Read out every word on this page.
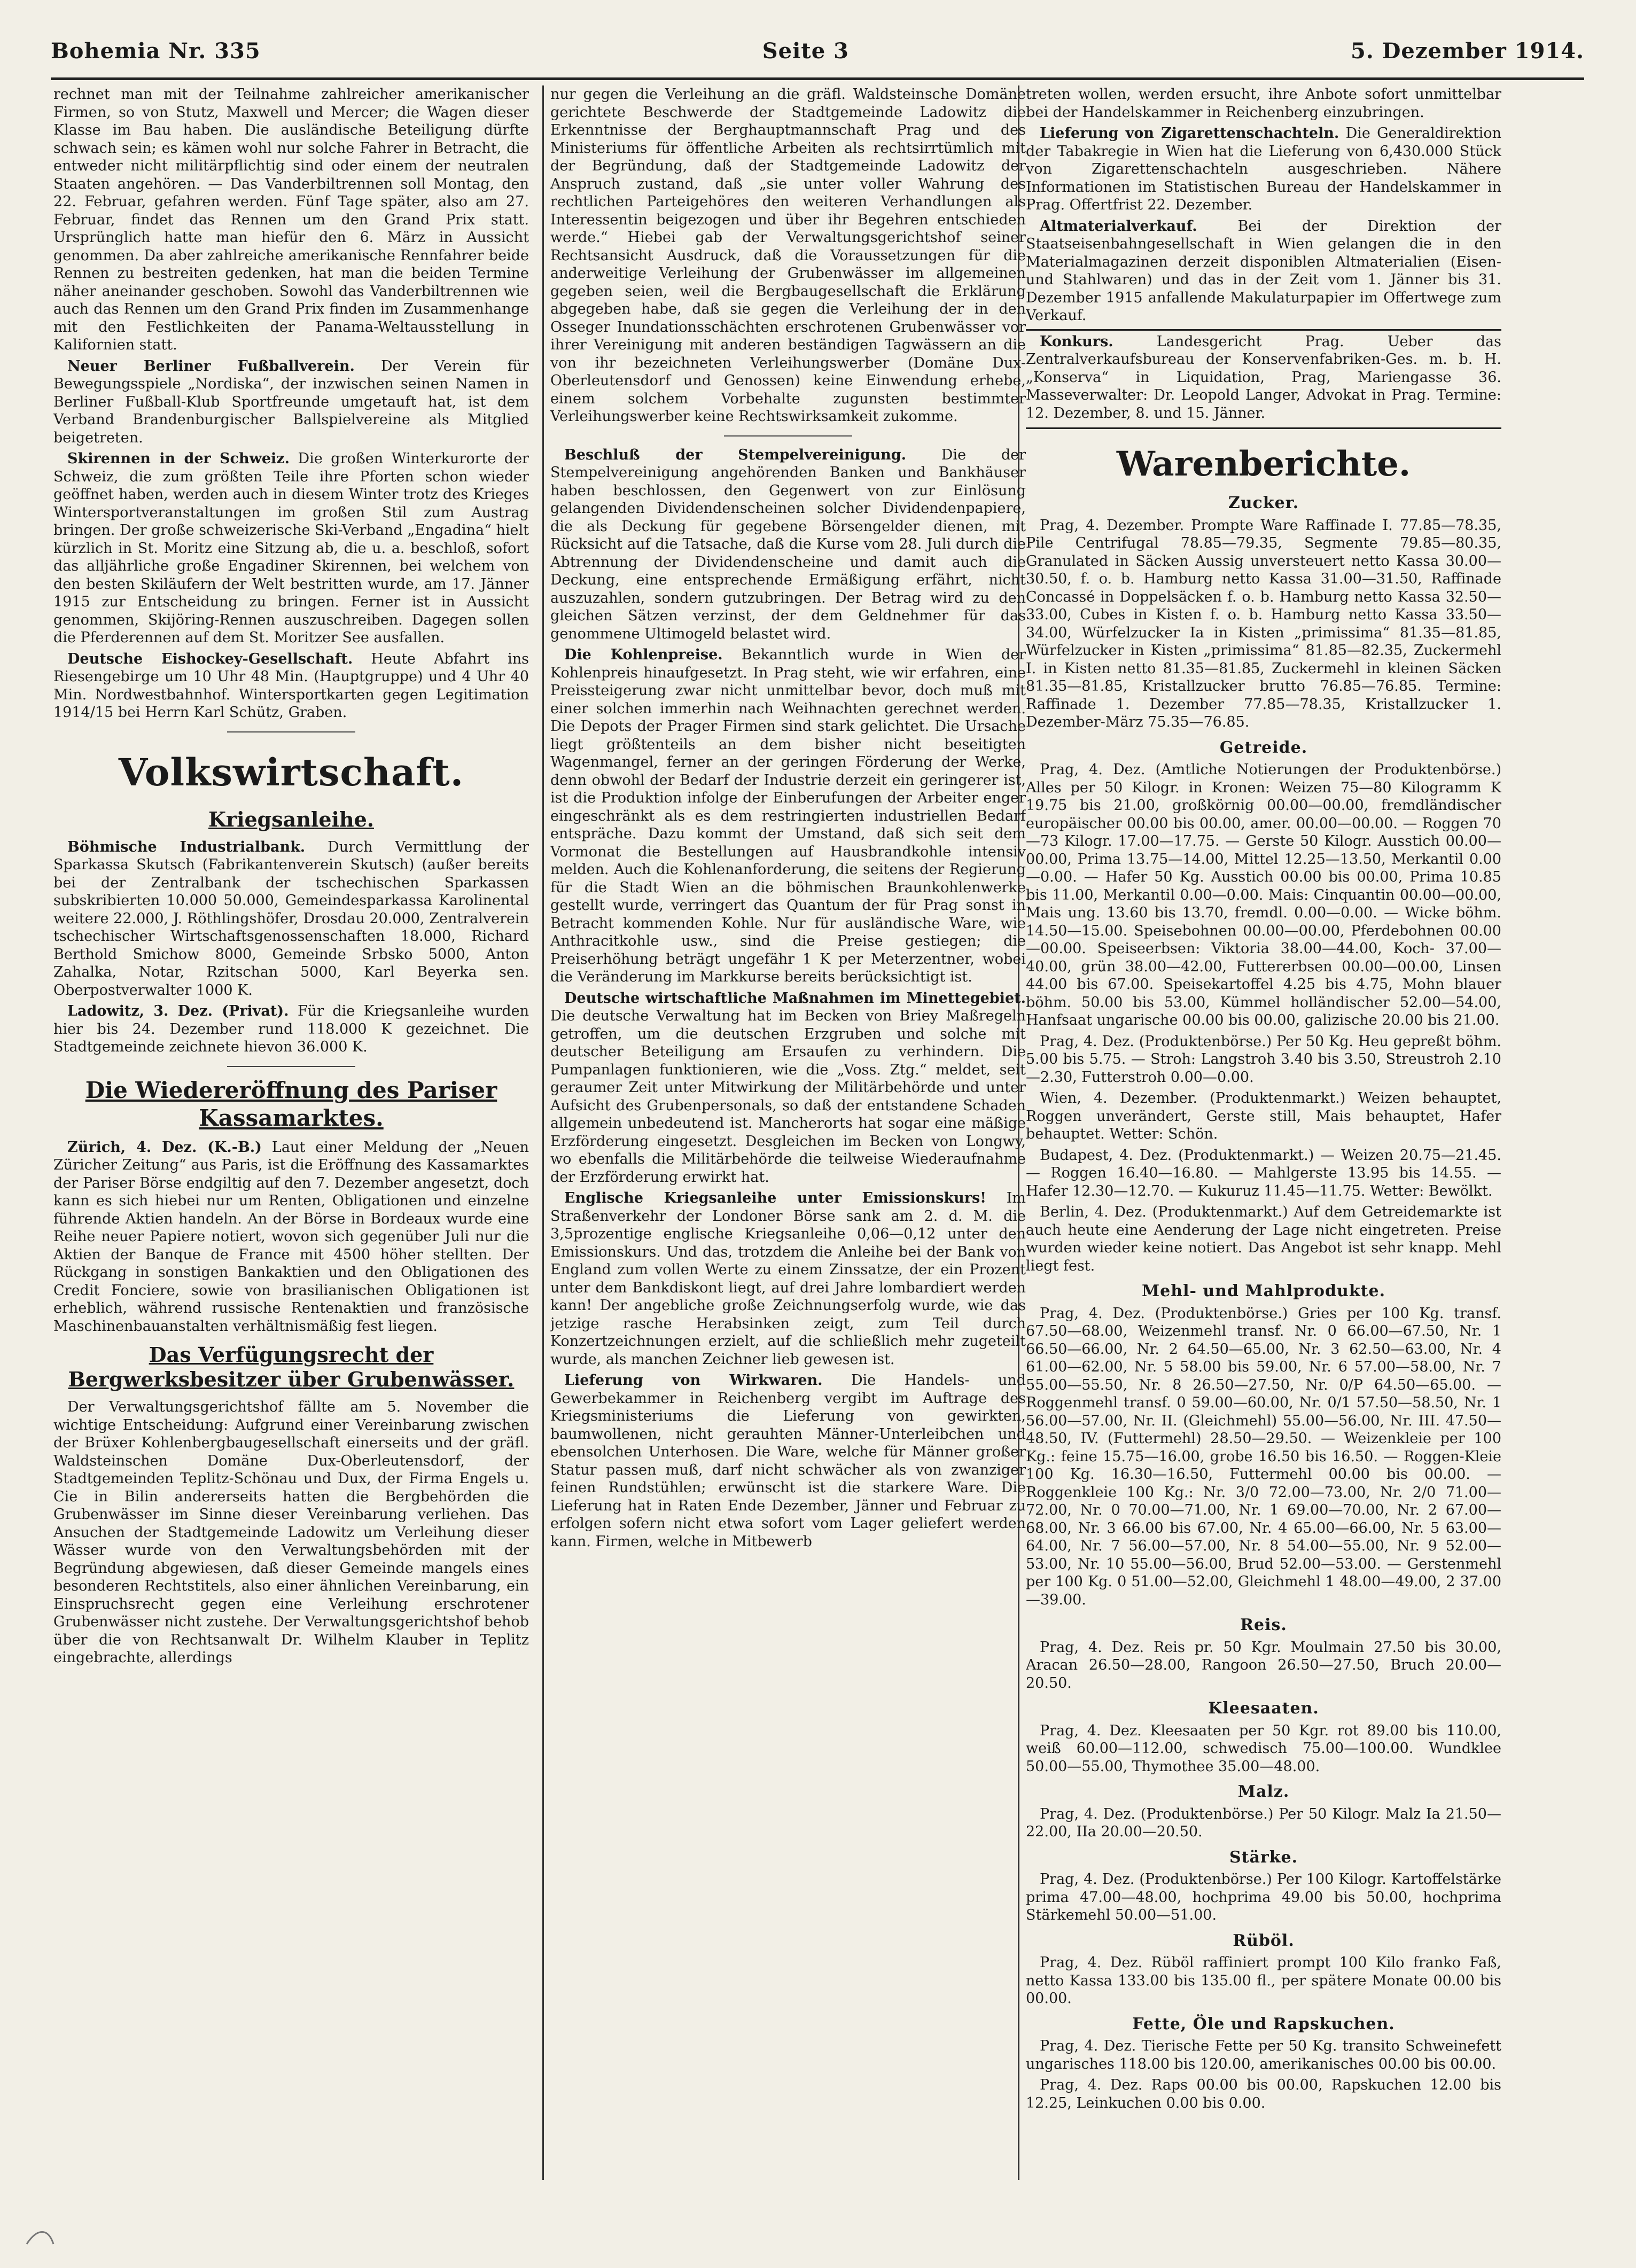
Bohemia Nr. 335	Seite 3	5. Dezember 1914.

rechnet man mit der Teilnahme zahlreicher amerikanischer Firmen, so von Stutz, Maxwell und Mercer; die Wagen dieser Klasse im Bau haben. Die ausländische Beteiligung dürfte schwach sein; es kämen wohl nur solche Fahrer in Betracht, die entweder nicht militärpflichtig sind oder einem der neutralen Staaten angehören. — Das Vanderbiltrennen soll Montag, den 22. Februar, gefahren werden. Fünf Tage später, also am 27. Februar, findet das Rennen um den Grand Prix statt. Ursprünglich hatte man hiefür den 6. März in Aussicht genommen. Da aber zahlreiche amerikanische Rennfahrer beide Rennen zu bestreiten gedenken, hat man die beiden Termine näher aneinander geschoben. Sowohl das Vanderbiltrennen wie auch das Rennen um den Grand Prix finden im Zusammenhange mit den Festlichkeiten der Panama-Weltausstellung in Kalifornien statt.

Neuer Berliner Fußballverein. Der Verein für Bewegungsspiele „Nordiska“, der inzwischen seinen Namen in Berliner Fußball-Klub Sportfreunde umgetauft hat, ist dem Verband Brandenburgischer Ballspielvereine als Mitglied beigetreten.

Skirennen in der Schweiz. Die großen Winterkurorte der Schweiz, die zum größten Teile ihre Pforten schon wieder geöffnet haben, werden auch in diesem Winter trotz des Krieges Wintersportveranstaltungen im großen Stil zum Austrag bringen. Der große schweizerische Ski-Verband „Engadina“ hielt kürzlich in St. Moritz eine Sitzung ab, die u. a. beschloß, sofort das alljährliche große Engadiner Skirennen, bei welchem von den besten Skiläufern der Welt bestritten wurde, am 17. Jänner 1915 zur Entscheidung zu bringen. Ferner ist in Aussicht genommen, Skijöring-Rennen auszuschreiben. Dagegen sollen die Pferderennen auf dem St. Moritzer See ausfallen.

Deutsche Eishockey-Gesellschaft. Heute Abfahrt ins Riesengebirge um 10 Uhr 48 Min. (Hauptgruppe) und 4 Uhr 40 Min. Nordwestbahnhof. Wintersportkarten gegen Legitimation 1914/15 bei Herrn Karl Schütz, Graben.

Volkswirtschaft.
Kriegsanleihe.

Böhmische Industrialbank. Durch Vermittlung der Sparkassa Skutsch (Fabrikantenverein Skutsch) (außer bereits bei der Zentralbank der tschechischen Sparkassen subskribierten 10.000 50.000, Gemeindesparkassa Karolinental weitere 22.000, J. Röthlingshöfer, Drosdau 20.000, Zentralverein tschechischer Wirtschaftsgenossenschaften 18.000, Richard Berthold Smichow 8000, Gemeinde Srbsko 5000, Anton Zahalka, Notar, Rzitschan 5000, Karl Beyerka sen. Oberpostverwalter 1000 K.

Ladowitz, 3. Dez. (Privat). Für die Kriegsanleihe wurden hier bis 24. Dezember rund 118.000 K gezeichnet. Die Stadtgemeinde zeichnete hievon 36.000 K.

Die Wiedereröffnung des Pariser Kassamarktes.

Zürich, 4. Dez. (K.-B.) Laut einer Meldung der „Neuen Züricher Zeitung“ aus Paris, ist die Eröffnung des Kassamarktes der Pariser Börse endgiltig auf den 7. Dezember angesetzt, doch kann es sich hiebei nur um Renten, Obligationen und einzelne führende Aktien handeln. An der Börse in Bordeaux wurde eine Reihe neuer Papiere notiert, wovon sich gegenüber Juli nur die Aktien der Banque de France mit 4500 höher stellten. Der Rückgang in sonstigen Bankaktien und den Obligationen des Credit Fonciere, sowie von brasilianischen Obligationen ist erheblich, während russische Rentenaktien und französische Maschinenbauanstalten verhältnismäßig fest liegen.

Das Verfügungsrecht der Bergwerksbesitzer über Grubenwässer.

Der Verwaltungsgerichtshof fällte am 5. November die wichtige Entscheidung: Aufgrund einer Vereinbarung zwischen der Brüxer Kohlenbergbaugesellschaft einerseits und der gräfl. Waldsteinschen Domäne Dux-Oberleutensdorf, der Stadtgemeinden Teplitz-Schönau und Dux, der Firma Engels u. Cie in Bilin andererseits hatten die Bergbehörden die Grubenwässer im Sinne dieser Vereinbarung verliehen. Das Ansuchen der Stadtgemeinde Ladowitz um Verleihung dieser Wässer wurde von den Verwaltungsbehörden mit der Begründung abgewiesen, daß dieser Gemeinde mangels eines besonderen Rechtstitels, also einer ähnlichen Vereinbarung, ein Einspruchsrecht gegen eine Verleihung erschrotener Grubenwässer nicht zustehe. Der Verwaltungsgerichtshof behob über die von Rechtsanwalt Dr. Wilhelm Klauber in Teplitz eingebrachte, allerdings

nur gegen die Verleihung an die gräfl. Waldsteinsche Domäne gerichtete Beschwerde der Stadtgemeinde Ladowitz die Erkenntnisse der Berghauptmannschaft Prag und des Ministeriums für öffentliche Arbeiten als rechtsirrtümlich mit der Begründung, daß der Stadtgemeinde Ladowitz der Anspruch zustand, daß „sie unter voller Wahrung des rechtlichen Parteigehöres den weiteren Verhandlungen als Interessentin beigezogen und über ihr Begehren entschieden werde.“ Hiebei gab der Verwaltungsgerichtshof seiner Rechtsansicht Ausdruck, daß die Voraussetzungen für die anderweitige Verleihung der Grubenwässer im allgemeinen gegeben seien, weil die Bergbaugesellschaft die Erklärung abgegeben habe, daß sie gegen die Verleihung der in den Osseger Inundationsschächten erschrotenen Grubenwässer vor ihrer Vereinigung mit anderen beständigen Tagwässern an die von ihr bezeichneten Verleihungswerber (Domäne Dux-Oberleutensdorf und Genossen) keine Einwendung erhebe, einem solchem Vorbehalte zugunsten bestimmter Verleihungswerber keine Rechtswirksamkeit zukomme.

Beschluß der Stempelvereinigung. Die der Stempelvereinigung angehörenden Banken und Bankhäuser haben beschlossen, den Gegenwert von zur Einlösung gelangenden Dividendenscheinen solcher Dividendenpapiere, die als Deckung für gegebene Börsengelder dienen, mit Rücksicht auf die Tatsache, daß die Kurse vom 28. Juli durch die Abtrennung der Dividendenscheine und damit auch die Deckung, eine entsprechende Ermäßigung erfährt, nicht auszuzahlen, sondern gutzubringen. Der Betrag wird zu den gleichen Sätzen verzinst, der dem Geldnehmer für das genommene Ultimogeld belastet wird.

Die Kohlenpreise. Bekanntlich wurde in Wien der Kohlenpreis hinaufgesetzt. In Prag steht, wie wir erfahren, eine Preissteigerung zwar nicht unmittelbar bevor, doch muß mit einer solchen immerhin nach Weihnachten gerechnet werden. Die Depots der Prager Firmen sind stark gelichtet. Die Ursache liegt größtenteils an dem bisher nicht beseitigten Wagenmangel, ferner an der geringen Förderung der Werke, denn obwohl der Bedarf der Industrie derzeit ein geringerer ist, ist die Produktion infolge der Einberufungen der Arbeiter enger eingeschränkt als es dem restringierten industriellen Bedarf entspräche. Dazu kommt der Umstand, daß sich seit dem Vormonat die Bestellungen auf Hausbrandkohle intensiv melden. Auch die Kohlenanforderung, die seitens der Regierung für die Stadt Wien an die böhmischen Braunkohlenwerke gestellt wurde, verringert das Quantum der für Prag sonst in Betracht kommenden Kohle. Nur für ausländische Ware, wie Anthracitkohle usw., sind die Preise gestiegen; die Preiserhöhung beträgt ungefähr 1 K per Meterzentner, wobei die Veränderung im Markkurse bereits berücksichtigt ist.

Deutsche wirtschaftliche Maßnahmen im Minettegebiet. Die deutsche Verwaltung hat im Becken von Briey Maßregeln getroffen, um die deutschen Erzgruben und solche mit deutscher Beteiligung am Ersaufen zu verhindern. Die Pumpanlagen funktionieren, wie die „Voss. Ztg.“ meldet, seit geraumer Zeit unter Mitwirkung der Militärbehörde und unter Aufsicht des Grubenpersonals, so daß der entstandene Schaden allgemein unbedeutend ist. Mancherorts hat sogar eine mäßige Erzförderung eingesetzt. Desgleichen im Becken von Longwy, wo ebenfalls die Militärbehörde die teilweise Wiederaufnahme der Erzförderung erwirkt hat.

Englische Kriegsanleihe unter Emissionskurs! Im Straßenverkehr der Londoner Börse sank am 2. d. M. die 3,5prozentige englische Kriegsanleihe 0,06—0,12 unter den Emissionskurs. Und das, trotzdem die Anleihe bei der Bank von England zum vollen Werte zu einem Zinssatze, der ein Prozent unter dem Bankdiskont liegt, auf drei Jahre lombardiert werden kann! Der angebliche große Zeichnungserfolg wurde, wie das jetzige rasche Herabsinken zeigt, zum Teil durch Konzertzeichnungen erzielt, auf die schließlich mehr zugeteilt wurde, als manchen Zeichner lieb gewesen ist.

Lieferung von Wirkwaren. Die Handels- und Gewerbekammer in Reichenberg vergibt im Auftrage des Kriegsministeriums die Lieferung von gewirkten, baumwollenen, nicht gerauhten Männer-Unterleibchen und ebensolchen Unterhosen. Die Ware, welche für Männer großer Statur passen muß, darf nicht schwächer als von zwanziger feinen Rundstühlen; erwünscht ist die starkere Ware. Die Lieferung hat in Raten Ende Dezember, Jänner und Februar zu erfolgen sofern nicht etwa sofort vom Lager geliefert werden kann. Firmen, welche in Mitbewerb

treten wollen, werden ersucht, ihre Anbote sofort unmittelbar bei der Handelskammer in Reichenberg einzubringen.

Lieferung von Zigarettenschachteln. Die Generaldirektion der Tabakregie in Wien hat die Lieferung von 6,430.000 Stück von Zigarettenschachteln ausgeschrieben. Nähere Informationen im Statistischen Bureau der Handelskammer in Prag. Offertfrist 22. Dezember.

Altmaterialverkauf.	Bei der Direktion der Staatseisenbahngesellschaft in Wien gelangen die in den Materialmagazinen derzeit disponiblen Altmaterialien (Eisen- und Stahlwaren) und das in der Zeit vom 1. Jänner bis 31. Dezember 1915 anfallende Makulaturpapier im Offertwege zum Verkauf.

Konkurs.	Landesgericht Prag. Ueber das Zentralverkaufsbureau der Konservenfabriken-Ges. m. b. H. „Konserva“ in Liquidation, Prag, Mariengasse 36. Masseverwalter: Dr. Leopold Langer, Advokat in Prag. Termine: 12. Dezember, 8. und 15. Jänner.

Warenberichte.
Zucker.

Prag, 4. Dezember. Prompte Ware Raffinade I. 77.85—78.35, Pile Centrifugal 78.85—79.35, Segmente 79.85—80.35, Granulated in Säcken Aussig unversteuert netto Kassa 30.00—30.50, f. o. b. Hamburg netto Kassa 31.00—31.50, Raffinade Concassé in Doppelsäcken f. o. b. Hamburg netto Kassa 32.50—33.00, Cubes in Kisten f. o. b. Hamburg netto Kassa 33.50—34.00, Würfelzucker Ia in Kisten „primissima“ 81.35—81.85, Würfelzucker in Kisten „primissima“ 81.85—82.35, Zuckermehl I. in Kisten netto 81.35—81.85, Zuckermehl in kleinen Säcken 81.35—81.85, Kristallzucker brutto 76.85—76.85. Termine: Raffinade 1. Dezember 77.85—78.35, Kristallzucker 1. Dezember-März 75.35—76.85.

Getreide.

Prag, 4. Dez. (Amtliche Notierungen der Produktenbörse.) Alles per 50 Kilogr. in Kronen: Weizen 75—80 Kilogramm K 19.75 bis 21.00, großkörnig 00.00—00.00, fremdländischer europäischer 00.00 bis 00.00, amer. 00.00—00.00. — Roggen 70—73 Kilogr. 17.00—17.75. — Gerste 50 Kilogr. Ausstich 00.00—00.00, Prima 13.75—14.00, Mittel 12.25—13.50, Merkantil 0.00—0.00. — Hafer 50 Kg. Ausstich 00.00 bis 00.00, Prima 10.85 bis 11.00, Merkantil 0.00—0.00. Mais: Cinquantin 00.00—00.00, Mais ung. 13.60 bis 13.70, fremdl. 0.00—0.00. — Wicke böhm. 14.50—15.00. Speisebohnen 00.00—00.00, Pferdebohnen 00.00—00.00. Speiseerbsen: Viktoria 38.00—44.00, Koch- 37.00—40.00, grün 38.00—42.00, Futtererbsen 00.00—00.00, Linsen 44.00 bis 67.00. Speisekartoffel 4.25 bis 4.75, Mohn blauer böhm. 50.00 bis 53.00, Kümmel holländischer 52.00—54.00, Hanfsaat ungarische 00.00 bis 00.00, galizische 20.00 bis 21.00.

Prag, 4. Dez. (Produktenbörse.) Per 50 Kg. Heu gepreßt böhm. 5.00 bis 5.75. — Stroh: Langstroh 3.40 bis 3.50, Streustroh 2.10—2.30, Futterstroh 0.00—0.00.

Wien, 4. Dezember. (Produktenmarkt.) Weizen behauptet, Roggen unverändert, Gerste still, Mais behauptet, Hafer behauptet. Wetter: Schön.

Budapest, 4. Dez. (Produktenmarkt.) — Weizen 20.75—21.45. — Roggen 16.40—16.80. — Mahlgerste 13.95 bis 14.55. — Hafer 12.30—12.70. — Kukuruz 11.45—11.75. Wetter: Bewölkt.

Berlin, 4. Dez. (Produktenmarkt.) Auf dem Getreidemarkte ist auch heute eine Aenderung der Lage nicht eingetreten. Preise wurden wieder keine notiert. Das Angebot ist sehr knapp. Mehl liegt fest.

Mehl- und Mahlprodukte.

Prag, 4. Dez. (Produktenbörse.) Gries per 100 Kg. transf. 67.50—68.00, Weizenmehl transf. Nr. 0 66.00—67.50, Nr. 1 66.50—66.00, Nr. 2 64.50—65.00, Nr. 3 62.50—63.00, Nr. 4 61.00—62.00, Nr. 5 58.00 bis 59.00, Nr. 6 57.00—58.00, Nr. 7 55.00—55.50, Nr. 8 26.50—27.50, Nr. 0/P 64.50—65.00. — Roggenmehl transf. 0 59.00—60.00, Nr. 0/1 57.50—58.50, Nr. 1 56.00—57.00, Nr. II. (Gleichmehl) 55.00—56.00, Nr. III. 47.50—48.50, IV. (Futtermehl) 28.50—29.50. — Weizenkleie per 100 Kg.: feine 15.75—16.00, grobe 16.50 bis 16.50. — Roggen-Kleie 100 Kg. 16.30—16.50, Futtermehl 00.00 bis 00.00. — Roggenkleie 100 Kg.: Nr. 3/0 72.00—73.00, Nr. 2/0 71.00—72.00, Nr. 0 70.00—71.00, Nr. 1 69.00—70.00, Nr. 2 67.00—68.00, Nr. 3 66.00 bis 67.00, Nr. 4 65.00—66.00, Nr. 5 63.00—64.00, Nr. 7 56.00—57.00, Nr. 8 54.00—55.00, Nr. 9 52.00—53.00, Nr. 10 55.00—56.00, Brud 52.00—53.00. — Gerstenmehl per 100 Kg. 0 51.00—52.00, Gleichmehl 1 48.00—49.00, 2 37.00—39.00.

Reis.

Prag, 4. Dez. Reis pr. 50 Kgr. Moulmain 27.50 bis 30.00, Aracan 26.50—28.00, Rangoon 26.50—27.50, Bruch 20.00—20.50.

Kleesaaten.

Prag, 4. Dez. Kleesaaten per 50 Kgr. rot 89.00 bis 110.00, weiß 60.00—112.00, schwedisch 75.00—100.00. Wundklee 50.00—55.00, Thymothee 35.00—48.00.

Malz.

Prag, 4. Dez. (Produktenbörse.) Per 50 Kilogr. Malz Ia 21.50—22.00, IIa 20.00—20.50.

Stärke.

Prag, 4. Dez. (Produktenbörse.) Per 100 Kilogr. Kartoffelstärke prima 47.00—48.00, hochprima 49.00 bis 50.00, hochprima Stärkemehl 50.00—51.00.

Rüböl.

Prag, 4. Dez. Rüböl raffiniert prompt 100 Kilo franko Faß, netto Kassa 133.00 bis 135.00 fl., per spätere Monate 00.00 bis 00.00.

Fette, Öle und Rapskuchen.

Prag, 4. Dez. Tierische Fette per 50 Kg. transito Schweinefett ungarisches 118.00 bis 120.00, amerikanisches 00.00 bis 00.00.

Prag, 4. Dez. Raps 00.00 bis 00.00, Rapskuchen 12.00 bis 12.25, Leinkuchen 0.00 bis 0.00.
